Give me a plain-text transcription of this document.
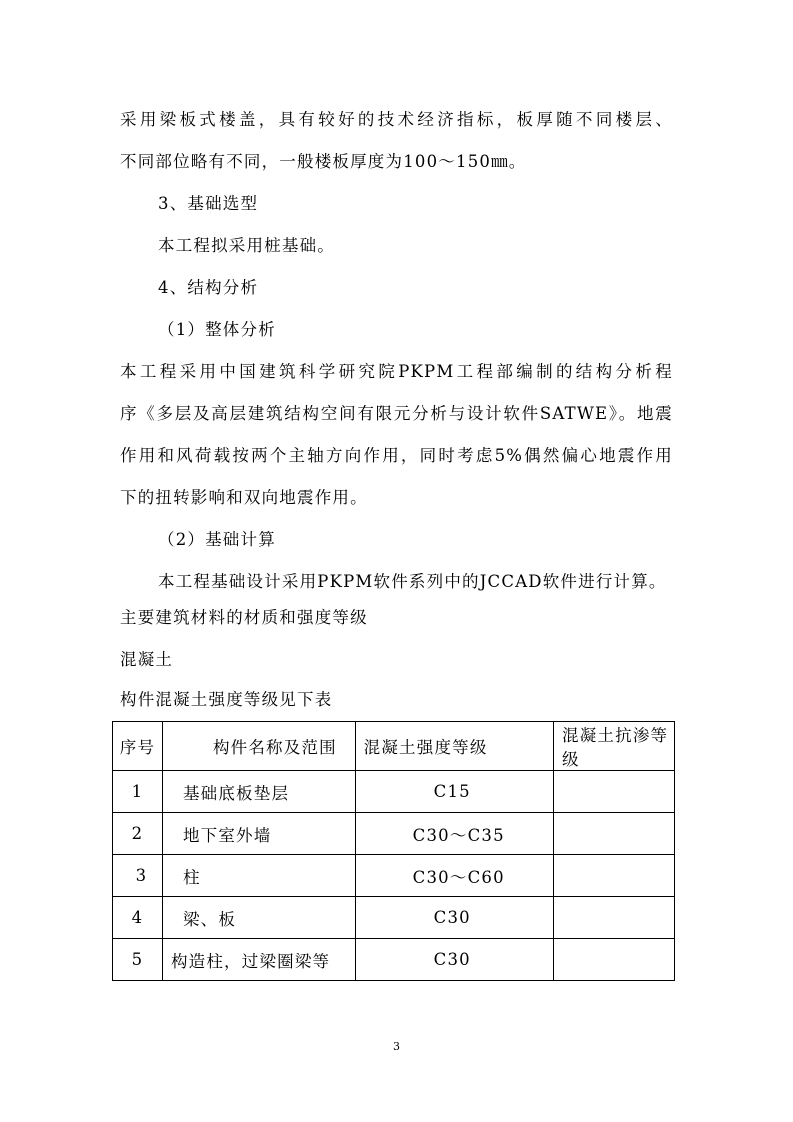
采用梁板式楼盖，具有较好的技术经济指标，板厚随不同楼层、
不同部位略有不同，一般楼板厚度为100～150㎜。
3、基础选型
本工程拟采用桩基础。
4、结构分析
（1）整体分析
本工程采用中国建筑科学研究院PKPM工程部编制的结构分析程
序《多层及高层建筑结构空间有限元分析与设计软件SATWE》。地震
作用和风荷载按两个主轴方向作用，同时考虑5%偶然偏心地震作用
下的扭转影响和双向地震作用。
（2）基础计算
本工程基础设计采用PKPM软件系列中的JCCAD软件进行计算。
主要建筑材料的材质和强度等级
混凝土
构件混凝土强度等级见下表
序号	构件名称及范围	混凝土强度等级	混凝土抗渗等级
1	基础底板垫层	C15	
2	地下室外墙	C30～C35	
3	柱	C30～C60	
4	梁、板	C30	
5	构造柱，过梁圈梁等	C30	
3
